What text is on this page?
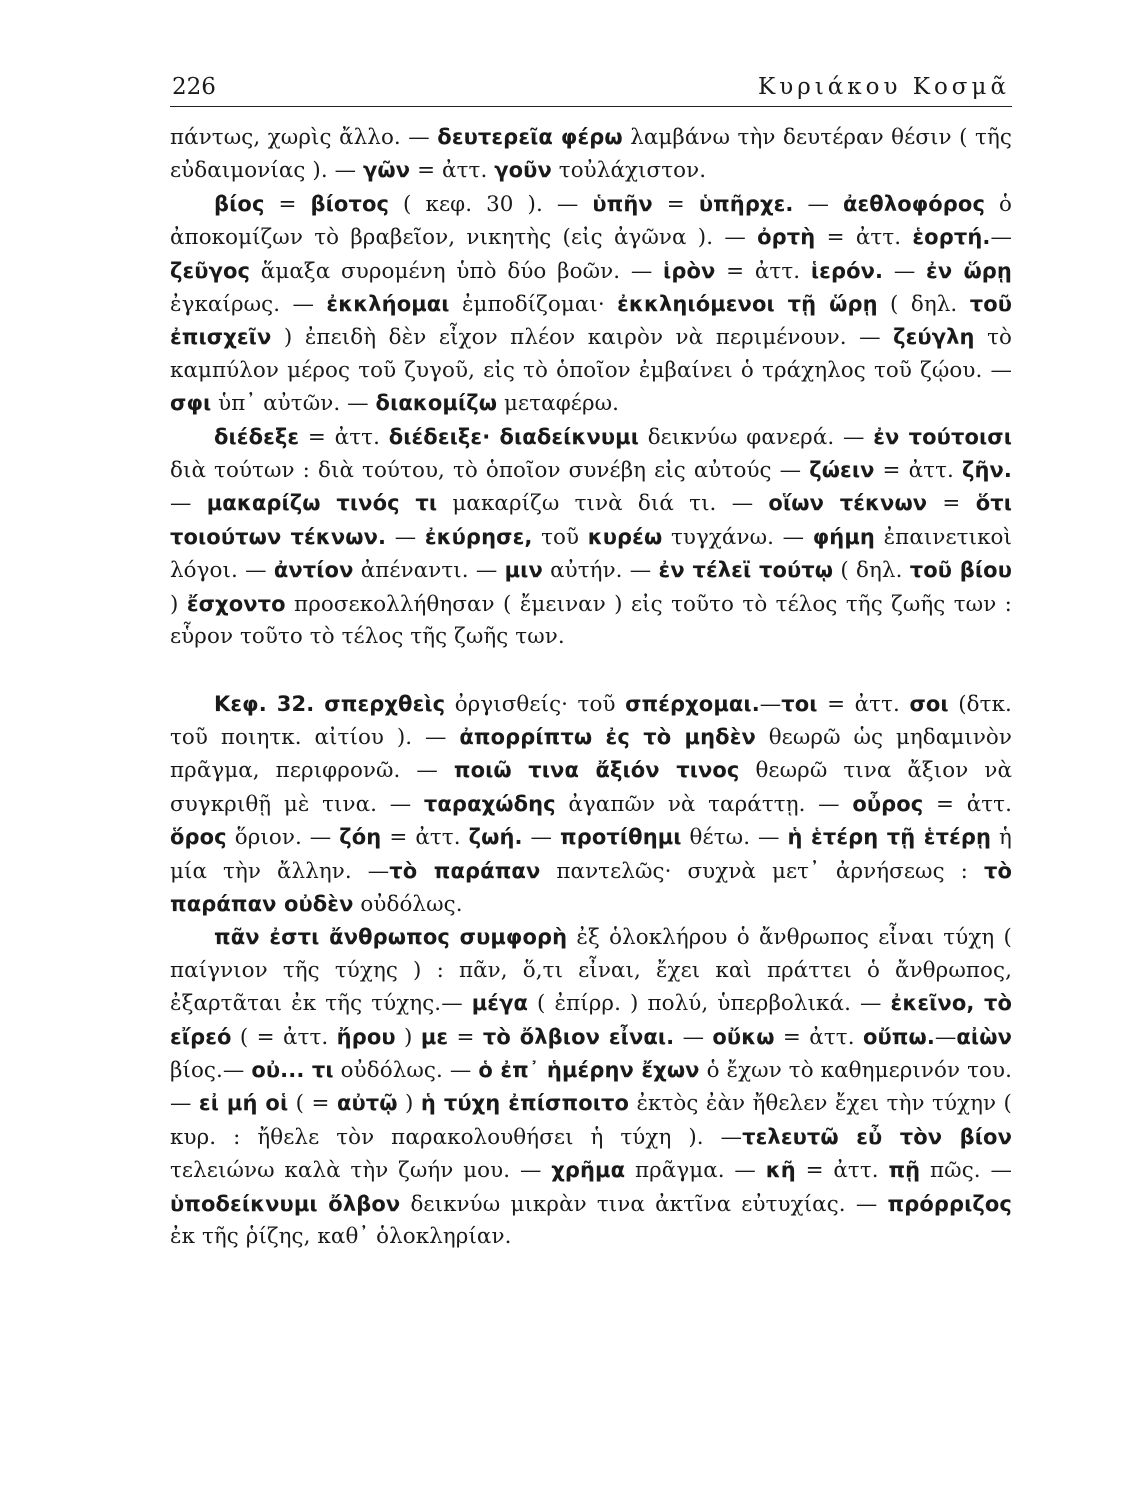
226	Κυριάκου Κοσμᾶ

πάντως, χωρὶς ἄλλο. — δευτερεῖα φέρω λαμβάνω τὴν δευτέραν θέσιν ( τῆς εὐδαιμονίας ). — γῶν = ἀττ. γοῦν τοὐλάχιστον.

βίος = βίοτος ( κεφ. 30 ). — ὑπῆν = ὑπῆρχε. — ἀεθλοφόρος ὁ ἀποκομίζων τὸ βραβεῖον, νικητὴς (εἰς ἀγῶνα ). — ὀρτὴ = ἀττ. ἑορτή.—ζεῦγος ἅμαξα συρομένη ὑπὸ δύο βοῶν. — ἱρὸν = ἀττ. ἱερόν. — ἐν ὥρῃ ἐγκαίρως. — ἐκκλήομαι ἐμποδίζομαι· ἐκκληιόμενοι τῇ ὥρῃ ( δηλ. τοῦ ἐπισχεῖν ) ἐπειδὴ δὲν εἶχον πλέον καιρὸν νὰ περιμένουν. — ζεύγλη τὸ καμπύλον μέρος τοῦ ζυγοῦ, εἰς τὸ ὁποῖον ἐμβαίνει ὁ τράχηλος τοῦ ζῴου. — σφι ὑπ᾽ αὐτῶν. — διακομίζω μεταφέρω.

διέδεξε = ἀττ. διέδειξε· διαδείκνυμι δεικνύω φανερά. — ἐν τούτοισι διὰ τούτων : διὰ τούτου, τὸ ὁποῖον συνέβη εἰς αὐτούς — ζώειν = ἀττ. ζῆν. — μακαρίζω τινός τι μακαρίζω τινὰ διά τι. — οἵων τέκνων = ὅτι τοιούτων τέκνων. — ἐκύρησε, τοῦ κυρέω τυγχάνω. — φήμη ἐπαινετικοὶ λόγοι. — ἀντίον ἀπέναντι. — μιν αὐτήν. — ἐν τέλεϊ τούτῳ ( δηλ. τοῦ βίου ) ἔσχοντο προσεκολλήθησαν ( ἔμειναν ) εἰς τοῦτο τὸ τέλος τῆς ζωῆς των : εὗρον τοῦτο τὸ τέλος τῆς ζωῆς των.

Κεφ. 32. σπερχθεὶς ὀργισθείς· τοῦ σπέρχομαι.—τοι = ἀττ. σοι (δτκ. τοῦ ποιητκ. αἰτίου ). — ἀπορρίπτω ἐς τὸ μηδὲν θεωρῶ ὡς μηδαμινὸν πρᾶγμα, περιφρονῶ. — ποιῶ τινα ἄξιόν τινος θεωρῶ τινα ἄξιον νὰ συγκριθῇ μὲ τινα. — ταραχώδης ἀγαπῶν νὰ ταράττῃ. — οὖρος = ἀττ. ὅρος ὅριον. — ζόη = ἀττ. ζωή. — προτίθημι θέτω. — ἡ ἑτέρη τῇ ἑτέρῃ ἡ μία τὴν ἄλλην. —τὸ παράπαν παντελῶς· συχνὰ μετ᾽ ἀρνήσεως : τὸ παράπαν οὐδὲν οὐδόλως.

πᾶν ἐστι ἄνθρωπος συμφορὴ ἐξ ὁλοκλήρου ὁ ἄνθρωπος εἶναι τύχη ( παίγνιον τῆς τύχης ) : πᾶν, ὅ,τι εἶναι, ἔχει καὶ πράττει ὁ ἄνθρωπος, ἐξαρτᾶται ἐκ τῆς τύχης.— μέγα ( ἐπίρρ. ) πολύ, ὑπερβολικά. — ἐκεῖνο, τὸ εἴρεό ( = ἀττ. ἤρου ) με = τὸ ὄλβιον εἶναι. — οὔκω = ἀττ. οὔπω.—αἰὼν βίος.— οὐ... τι οὐδόλως. — ὁ ἐπ᾽ ἡμέρην ἔχων ὁ ἔχων τὸ καθημερινόν του. — εἰ μή οἱ ( = αὐτῷ ) ἡ τύχη ἐπίσποιτο ἐκτὸς ἐὰν ἤθελεν ἔχει τὴν τύχην ( κυρ. : ἤθελε τὸν παρακολουθήσει ἡ τύχη ). —τελευτῶ εὖ τὸν βίον τελειώνω καλὰ τὴν ζωήν μου. — χρῆμα πρᾶγμα. — κῆ = ἀττ. πῇ πῶς. — ὑποδείκνυμι ὄλβον δεικνύω μικρὰν τινα ἀκτῖνα εὐτυχίας. — πρόρριζος ἐκ τῆς ῥίζης, καθ᾽ ὁλοκληρίαν.
